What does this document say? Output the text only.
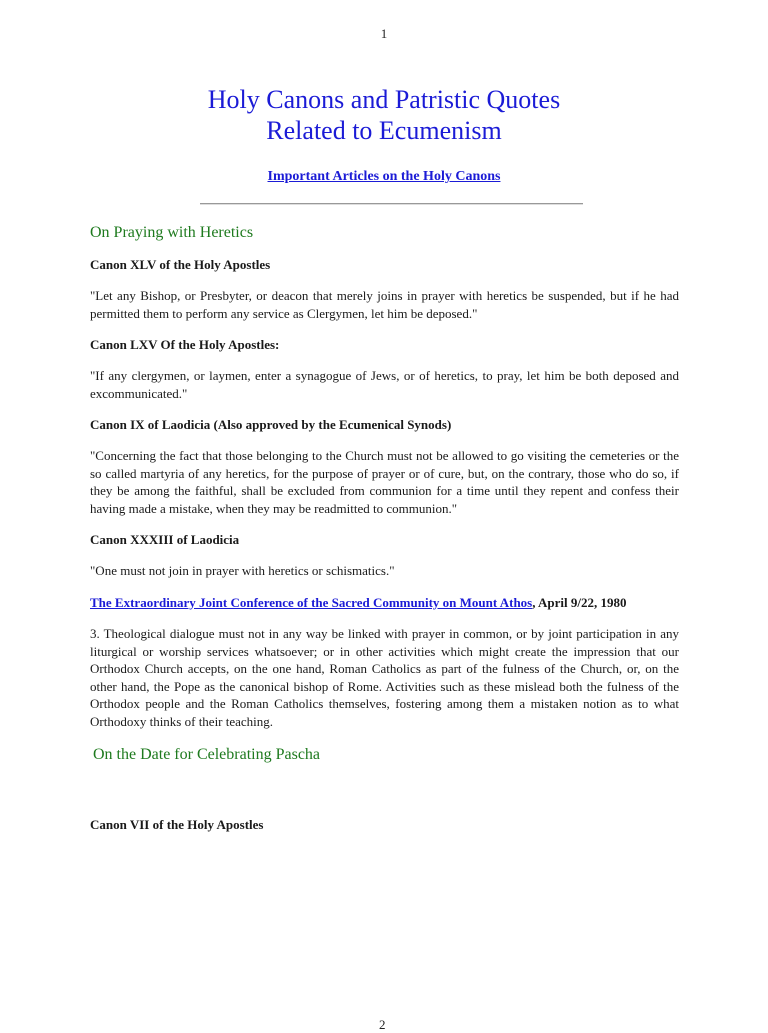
1
Holy Canons and Patristic Quotes
Related to Ecumenism
Important Articles on the Holy Canons
On Praying with Heretics
Canon XLV of the Holy Apostles

"Let any Bishop, or Presbyter, or deacon that merely joins in prayer with heretics be suspended, but if he had permitted them to perform any service as Clergymen, let him be deposed."

Canon LXV Of the Holy Apostles:

"If any clergymen, or laymen, enter a synagogue of Jews, or of heretics, to pray, let him be both deposed and excommunicated."

Canon IX of Laodicia (Also approved by the Ecumenical Synods)

"Concerning the fact that those belonging to the Church must not be allowed to go visiting the cemeteries or the so called martyria of any heretics, for the purpose of prayer or of cure, but, on the contrary, those who do so, if they be among the faithful, shall be excluded from communion for a time until they repent and confess their having made a mistake, when they may be readmitted to communion."

Canon XXXIII of Laodicia

"One must not join in prayer with heretics or schismatics."

The Extraordinary Joint Conference of the Sacred Community on Mount Athos, April 9/22, 1980

3. Theological dialogue must not in any way be linked with prayer in common, or by joint participation in any liturgical or worship services whatsoever; or in other activities which might create the impression that our Orthodox Church accepts, on the one hand, Roman Catholics as part of the fulness of the Church, or, on the other hand, the Pope as the canonical bishop of Rome. Activities such as these mislead both the fulness of the Orthodox people and the Roman Catholics themselves, fostering among them a mistaken notion as to what Orthodoxy thinks of their teaching.

On the Date for Celebrating Pascha
Canon VII of the Holy Apostles
2
